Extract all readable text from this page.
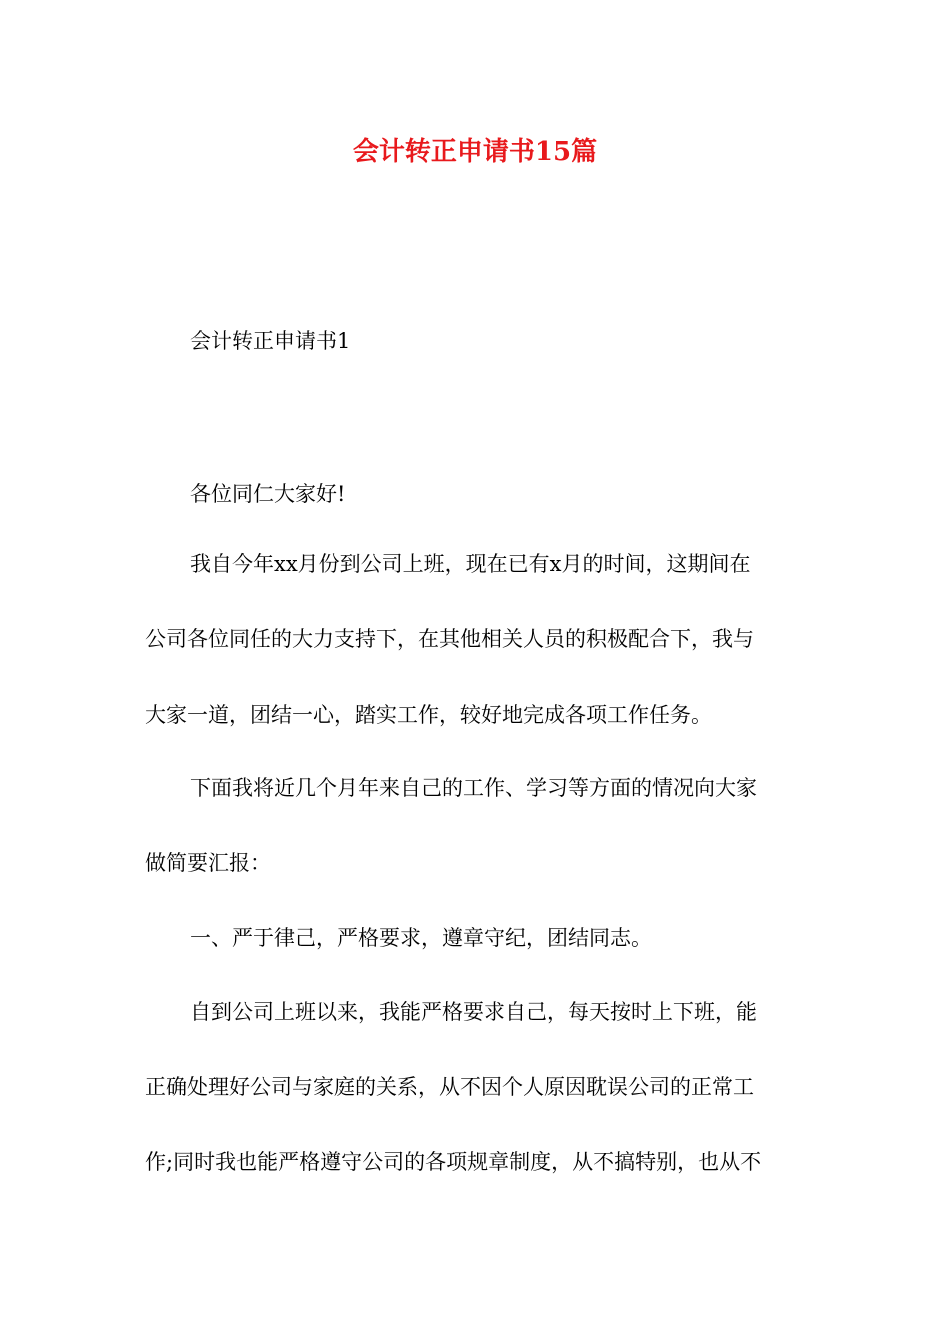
会计转正申请书15篇

会计转正申请书1

各位同仁大家好!

我自今年xx月份到公司上班，现在已有x月的时间，这期间在

公司各位同任的大力支持下，在其他相关人员的积极配合下，我与

大家一道，团结一心，踏实工作，较好地完成各项工作任务。

下面我将近几个月年来自己的工作、学习等方面的情况向大家

做简要汇报：

一、严于律己，严格要求，遵章守纪，团结同志。

自到公司上班以来，我能严格要求自己，每天按时上下班，能

正确处理好公司与家庭的关系，从不因个人原因耽误公司的正常工

作;同时我也能严格遵守公司的各项规章制度，从不搞特别，也从不
